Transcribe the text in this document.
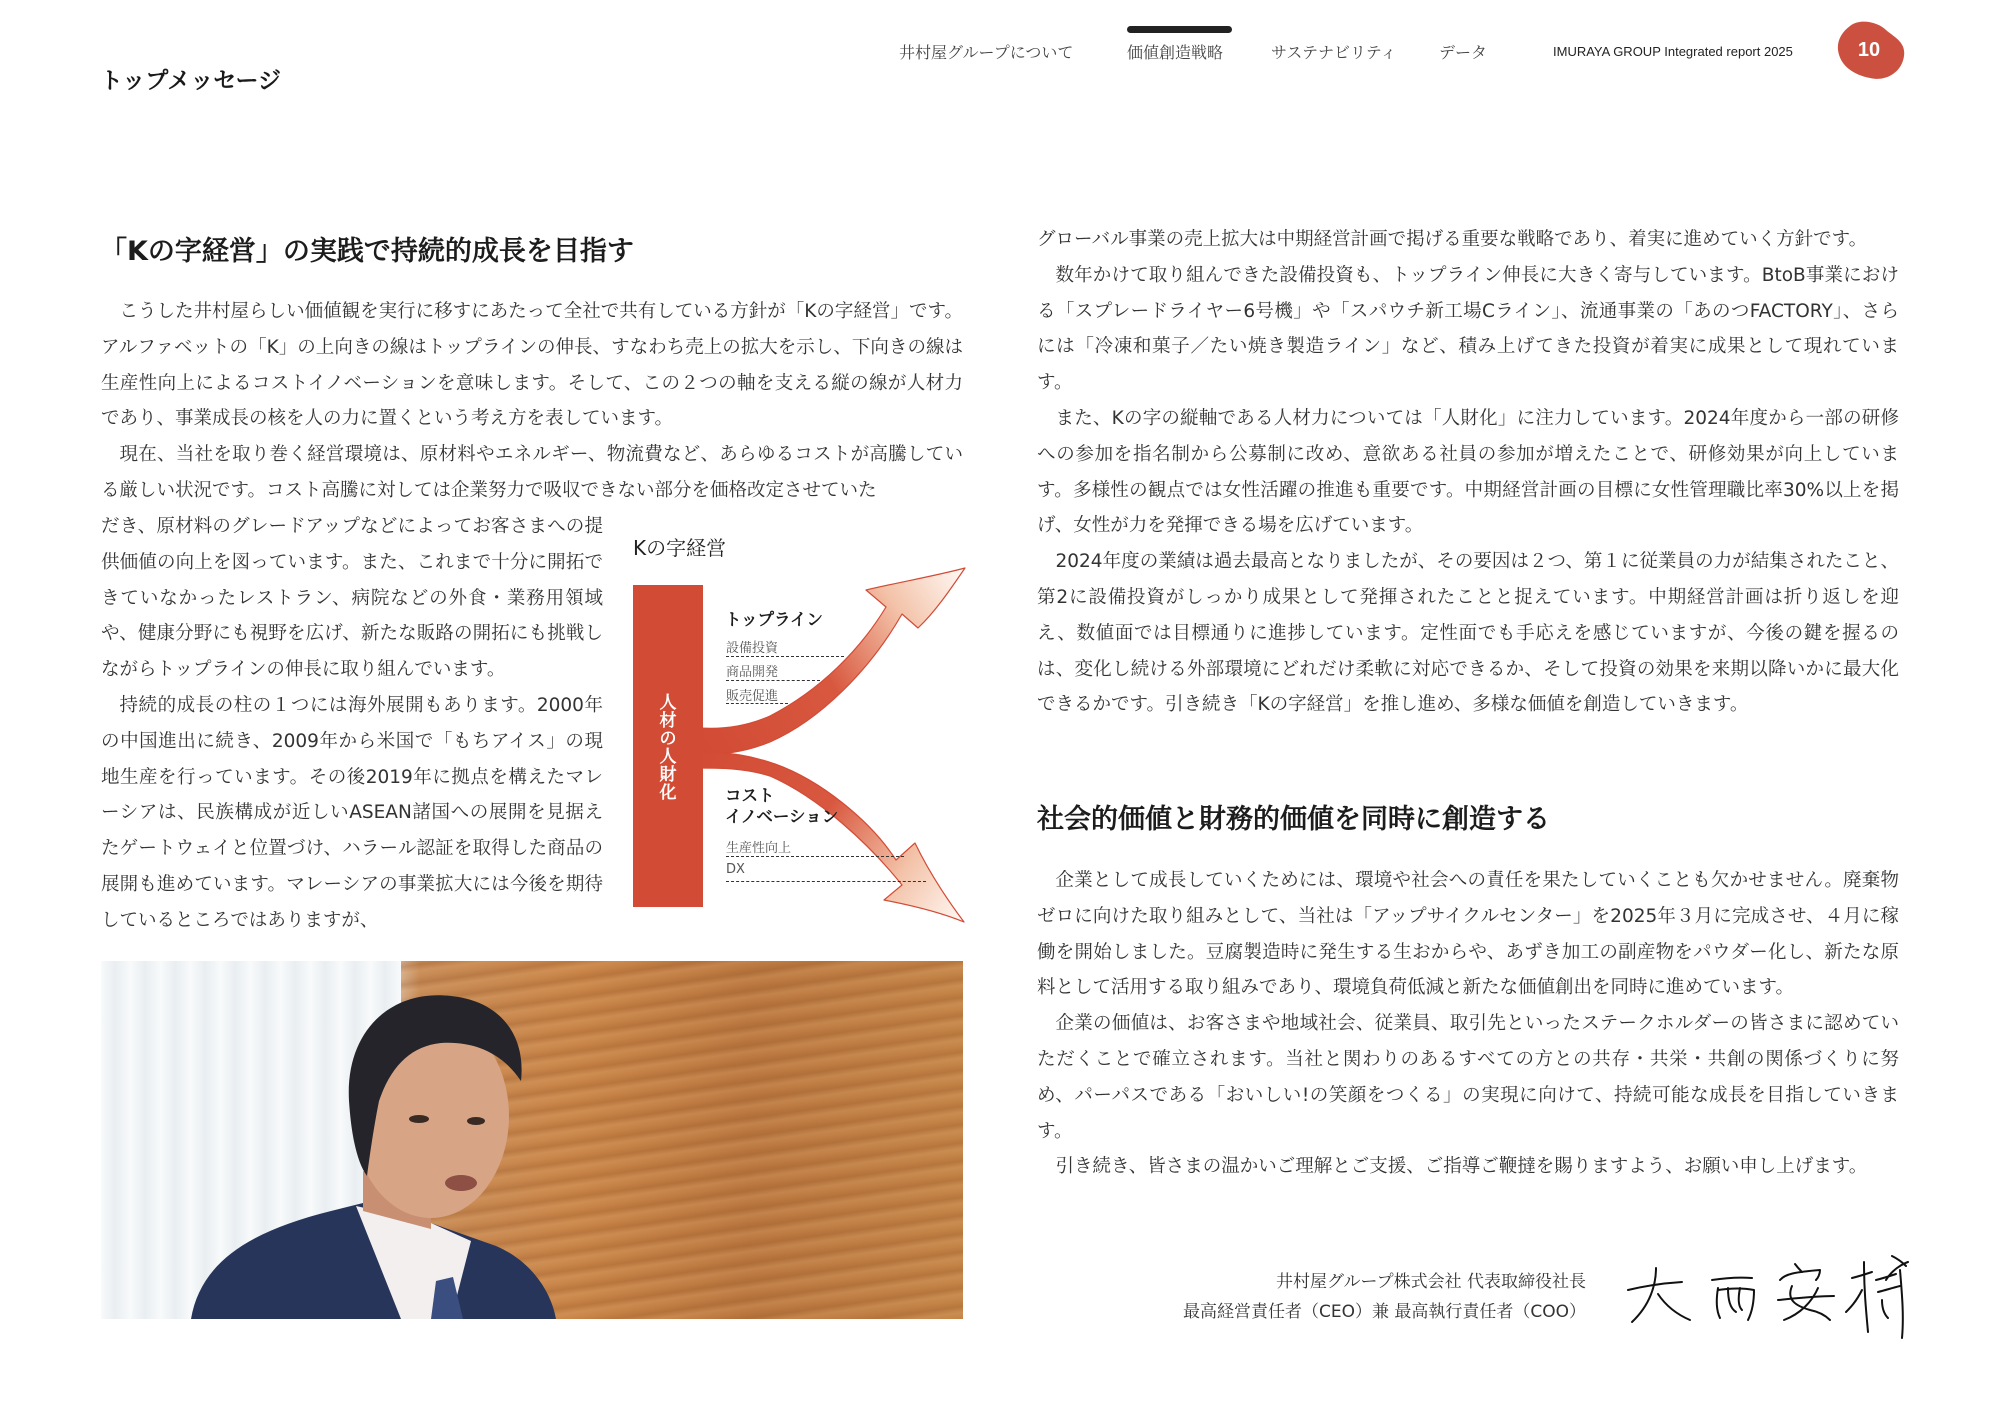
トップメッセージ
井村屋グループについて	価値創造戦略	サステナビリティ	データ	IMURAYA GROUP Integrated report 2025	10
「Kの字経営」の実践で持続的成長を目指す

こうした井村屋らしい価値観を実行に移すにあたって全社で共有している方針が「Kの字経営」です。アルファベットの「K」の上向きの線はトップラインの伸長、すなわち売上の拡大を示し、下向きの線は生産性向上によるコストイノベーションを意味します。そして、この２つの軸を支える縦の線が人材力であり、事業成長の核を人の力に置くという考え方を表しています。

現在、当社を取り巻く経営環境は、原材料やエネルギー、物流費など、あらゆるコストが高騰している厳しい状況です。コスト高騰に対しては企業努力で吸収できない部分を価格改定させていた

だき、原材料のグレードアップなどによってお客さまへの提供価値の向上を図っています。また、これまで十分に開拓できていなかったレストラン、病院などの外食・業務用領域や、健康分野にも視野を広げ、新たな販路の開拓にも挑戦しながらトップラインの伸長に取り組んでいます。

持続的成長の柱の１つには海外展開もあります。2000年の中国進出に続き、2009年から米国で「もちアイス」の現地生産を行っています。その後2019年に拠点を構えたマレーシアは、民族構成が近しいASEAN諸国への展開を見据えたゲートウェイと位置づけ、ハラール認証を取得した商品の展開も進めています。マレーシアの事業拡大には今後を期待しているところではありますが、

Kの字経営
人材の人財化
トップライン
設備投資
商品開発
販売促進
コスト
イノベーション
生産性向上
DX

グローバル事業の売上拡大は中期経営計画で掲げる重要な戦略であり、着実に進めていく方針です。

数年かけて取り組んできた設備投資も、トップライン伸長に大きく寄与しています。BtoB事業における「スプレードライヤー6号機」や「スパウチ新工場Cライン」、流通事業の「あのつFACTORY」、さらには「冷凍和菓子／たい焼き製造ライン」など、積み上げてきた投資が着実に成果として現れています。

また、Kの字の縦軸である人材力については「人財化」に注力しています。2024年度から一部の研修への参加を指名制から公募制に改め、意欲ある社員の参加が増えたことで、研修効果が向上しています。多様性の観点では女性活躍の推進も重要です。中期経営計画の目標に女性管理職比率30%以上を掲げ、女性が力を発揮できる場を広げています。

2024年度の業績は過去最高となりましたが、その要因は２つ、第１に従業員の力が結集されたこと、第2に設備投資がしっかり成果として発揮されたことと捉えています。中期経営計画は折り返しを迎え、数値面では目標通りに進捗しています。定性面でも手応えを感じていますが、今後の鍵を握るのは、変化し続ける外部環境にどれだけ柔軟に対応できるか、そして投資の効果を来期以降いかに最大化できるかです。引き続き「Kの字経営」を推し進め、多様な価値を創造していきます。

社会的価値と財務的価値を同時に創造する

企業として成長していくためには、環境や社会への責任を果たしていくことも欠かせません。廃棄物ゼロに向けた取り組みとして、当社は「アップサイクルセンター」を2025年３月に完成させ、４月に稼働を開始しました。豆腐製造時に発生する生おからや、あずき加工の副産物をパウダー化し、新たな原料として活用する取り組みであり、環境負荷低減と新たな価値創出を同時に進めています。

企業の価値は、お客さまや地域社会、従業員、取引先といったステークホルダーの皆さまに認めていただくことで確立されます。当社と関わりのあるすべての方との共存・共栄・共創の関係づくりに努め、パーパスである「おいしい!の笑顔をつくる」の実現に向けて、持続可能な成長を目指していきます。

引き続き、皆さまの温かいご理解とご支援、ご指導ご鞭撻を賜りますよう、お願い申し上げます。

井村屋グループ株式会社 代表取締役社長
最高経営責任者（CEO）兼 最高執行責任者（COO）
